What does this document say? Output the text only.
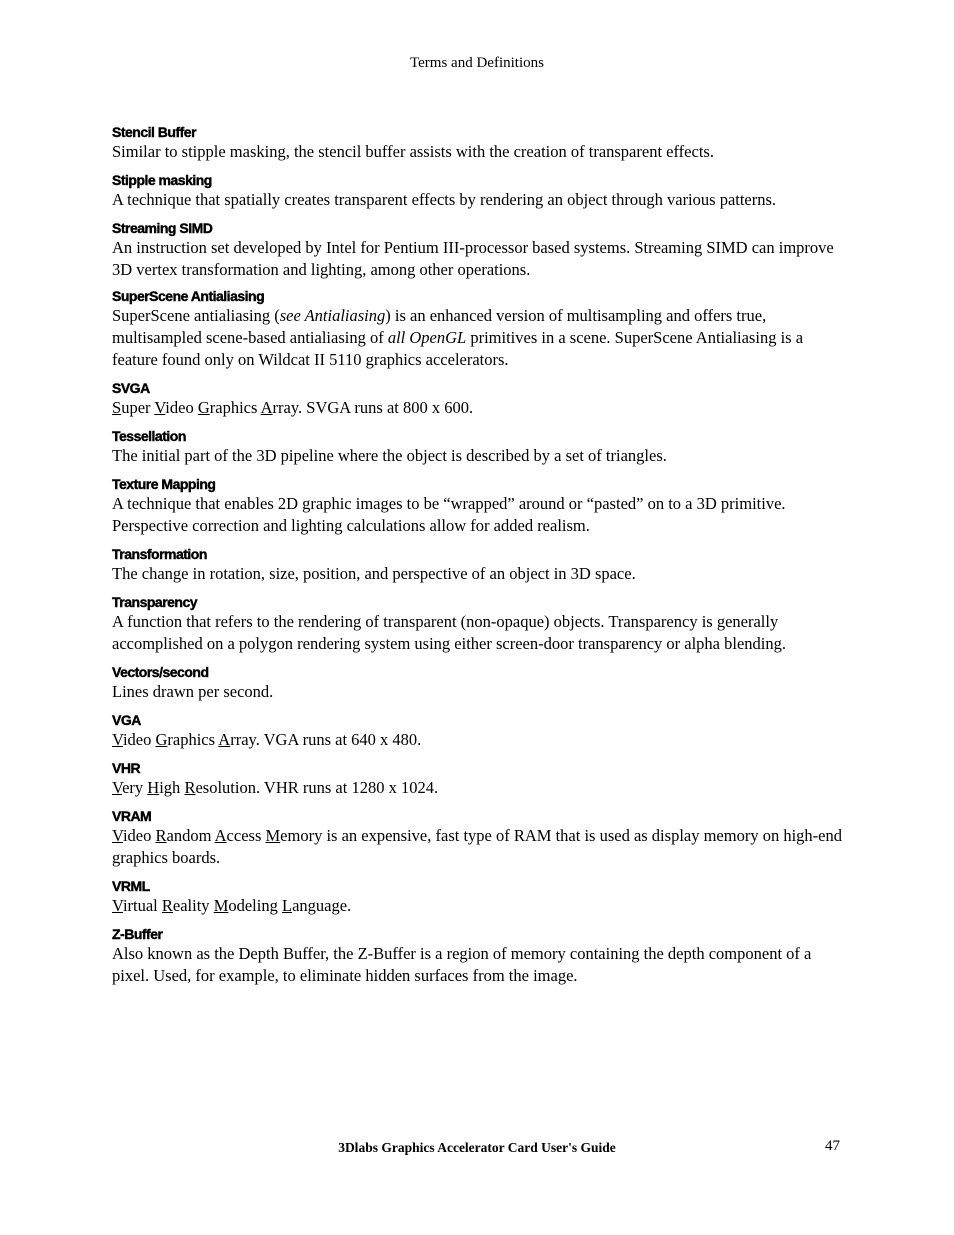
Terms and Definitions
Stencil Buffer

Similar to stipple masking, the stencil buffer assists with the creation of transparent effects.

Stipple masking

A technique that spatially creates transparent effects by rendering an object through various patterns.

Streaming SIMD

An instruction set developed by Intel for Pentium III-processor based systems. Streaming SIMD can improve 3D vertex transformation and lighting, among other operations.

SuperScene Antialiasing

SuperScene antialiasing (see Antialiasing) is an enhanced version of multisampling and offers true, multisampled scene-based antialiasing of all OpenGL primitives in a scene. SuperScene Antialiasing is a feature found only on Wildcat II 5110 graphics accelerators.

SVGA

Super Video Graphics Array. SVGA runs at 800 x 600.

Tessellation

The initial part of the 3D pipeline where the object is described by a set of triangles.

Texture Mapping

A technique that enables 2D graphic images to be “wrapped” around or “pasted” on to a 3D primitive. Perspective correction and lighting calculations allow for added realism.

Transformation

The change in rotation, size, position, and perspective of an object in 3D space.

Transparency

A function that refers to the rendering of transparent (non-opaque) objects. Transparency is generally accomplished on a polygon rendering system using either screen-door transparency or alpha blending.

Vectors/second

Lines drawn per second.

VGA

Video Graphics Array. VGA runs at 640 x 480.

VHR

Very High Resolution. VHR runs at 1280 x 1024.

VRAM

Video Random Access Memory is an expensive, fast type of RAM that is used as display memory on high-end graphics boards.

VRML

Virtual Reality Modeling Language.

Z-Buffer

Also known as the Depth Buffer, the Z-Buffer is a region of memory containing the depth component of a pixel. Used, for example, to eliminate hidden surfaces from the image.

3Dlabs Graphics Accelerator Card User's Guide	47
